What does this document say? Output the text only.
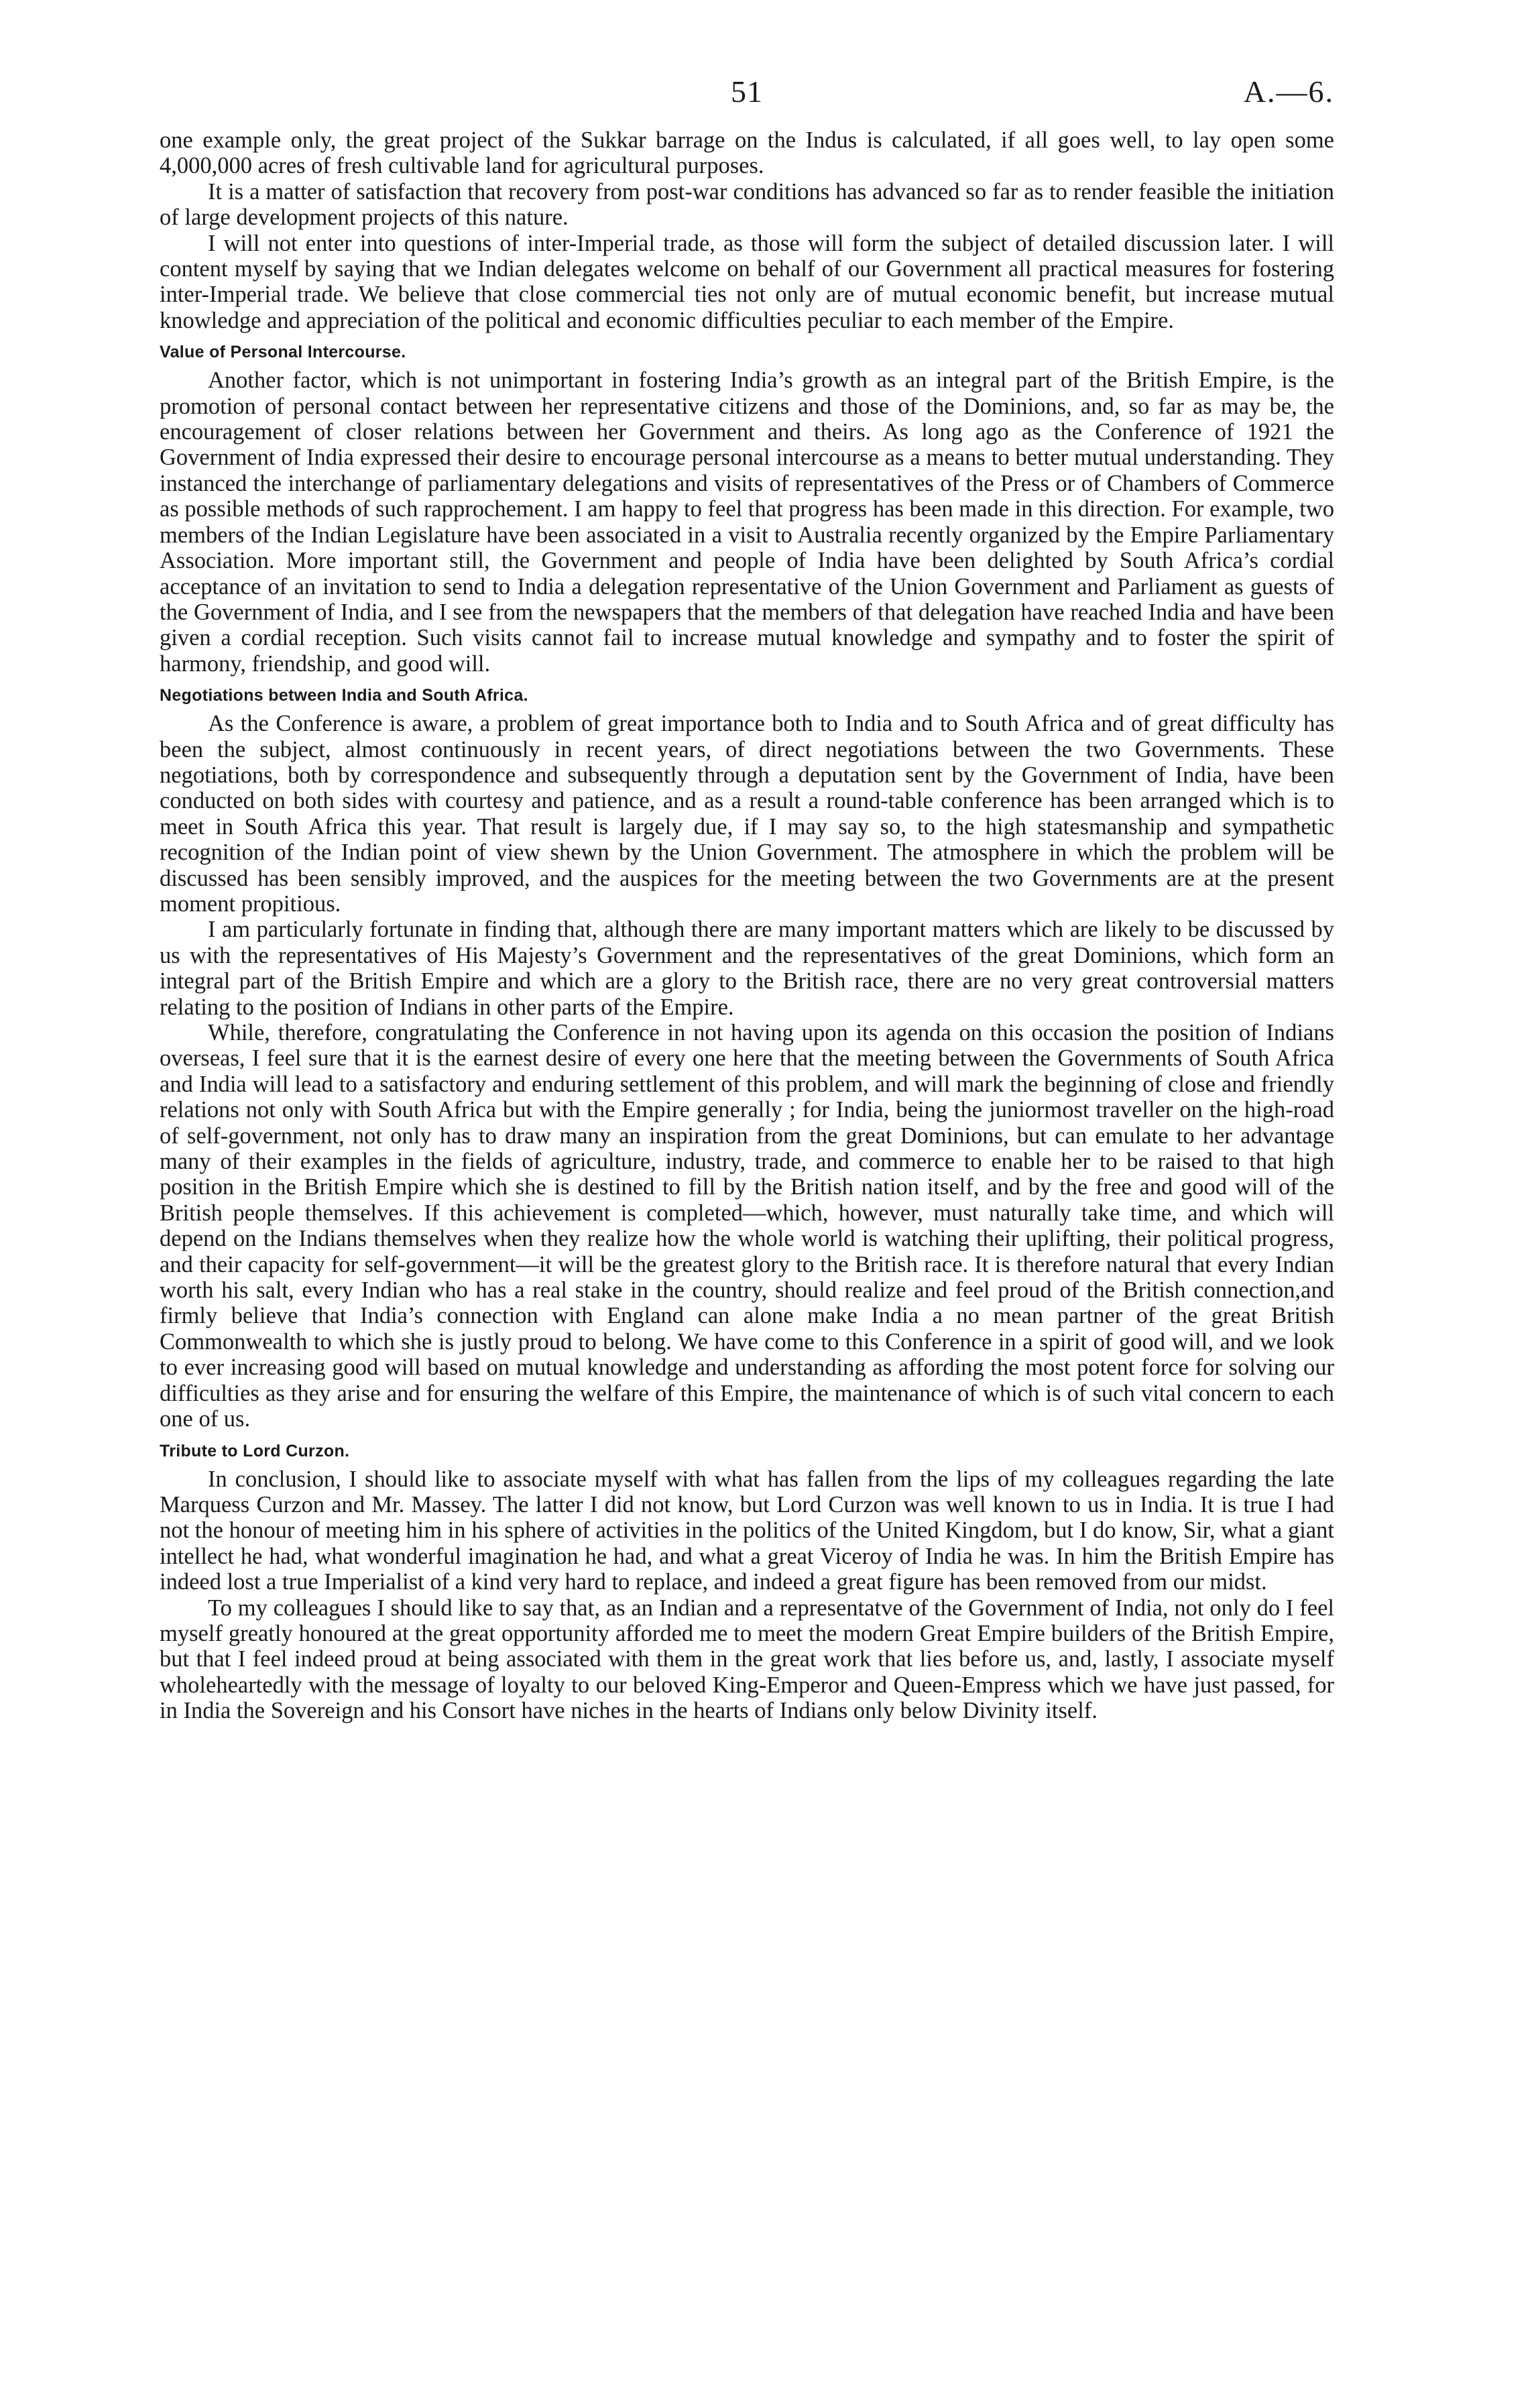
51	A.—6.

one example only, the great project of the Sukkar barrage on the Indus is calculated, if all goes well, to lay open some 4,000,000 acres of fresh cultivable land for agricultural purposes.

It is a matter of satisfaction that recovery from post-war conditions has advanced so far as to render feasible the initiation of large development projects of this nature.

I will not enter into questions of inter-Imperial trade, as those will form the subject of detailed discussion later. I will content myself by saying that we Indian delegates welcome on behalf of our Government all practical measures for fostering inter-Imperial trade. We believe that close commercial ties not only are of mutual economic benefit, but increase mutual knowledge and appreciation of the political and economic difficulties peculiar to each member of the Empire.

Value of Personal Intercourse.

Another factor, which is not unimportant in fostering India’s growth as an integral part of the British Empire, is the promotion of personal contact between her representative citizens and those of the Dominions, and, so far as may be, the encouragement of closer relations between her Government and theirs. As long ago as the Conference of 1921 the Government of India expressed their desire to encourage personal intercourse as a means to better mutual understanding. They instanced the interchange of parliamentary delegations and visits of representatives of the Press or of Chambers of Commerce as possible methods of such rapprochement. I am happy to feel that progress has been made in this direction. For example, two members of the Indian Legislature have been associated in a visit to Australia recently organized by the Empire Parliamentary Association. More important still, the Government and people of India have been delighted by South Africa’s cordial acceptance of an invitation to send to India a delegation representative of the Union Government and Parliament as guests of the Government of India, and I see from the newspapers that the members of that delegation have reached India and have been given a cordial reception. Such visits cannot fail to increase mutual knowledge and sympathy and to foster the spirit of harmony, friendship, and good will.

Negotiations between India and South Africa.

As the Conference is aware, a problem of great importance both to India and to South Africa and of great difficulty has been the subject, almost continuously in recent years, of direct negotiations between the two Governments. These negotiations, both by correspondence and subsequently through a deputation sent by the Government of India, have been conducted on both sides with courtesy and patience, and as a result a round-table conference has been arranged which is to meet in South Africa this year. That result is largely due, if I may say so, to the high statesmanship and sympathetic recognition of the Indian point of view shewn by the Union Government. The atmosphere in which the problem will be discussed has been sensibly improved, and the auspices for the meeting between the two Governments are at the present moment propitious.

I am particularly fortunate in finding that, although there are many important matters which are likely to be discussed by us with the representatives of His Majesty’s Government and the representatives of the great Dominions, which form an integral part of the British Empire and which are a glory to the British race, there are no very great controversial matters relating to the position of Indians in other parts of the Empire.

While, therefore, congratulating the Conference in not having upon its agenda on this occasion the position of Indians overseas, I feel sure that it is the earnest desire of every one here that the meeting between the Governments of South Africa and India will lead to a satisfactory and enduring settlement of this problem, and will mark the beginning of close and friendly relations not only with South Africa but with the Empire generally ; for India, being the juniormost traveller on the high-road of self-government, not only has to draw many an inspiration from the great Dominions, but can emulate to her advantage many of their examples in the fields of agriculture, industry, trade, and commerce to enable her to be raised to that high position in the British Empire which she is destined to fill by the British nation itself, and by the free and good will of the British people themselves. If this achievement is completed—which, however, must naturally take time, and which will depend on the Indians themselves when they realize how the whole world is watching their uplifting, their political progress, and their capacity for self-government—it will be the greatest glory to the British race. It is therefore natural that every Indian worth his salt, every Indian who has a real stake in the country, should realize and feel proud of the British connection,and firmly believe that India’s connection with England can alone make India a no mean partner of the great British Commonwealth to which she is justly proud to belong. We have come to this Conference in a spirit of good will, and we look to ever increasing good will based on mutual knowledge and understanding as affording the most potent force for solving our difficulties as they arise and for ensuring the welfare of this Empire, the maintenance of which is of such vital concern to each one of us.

Tribute to Lord Curzon.

In conclusion, I should like to associate myself with what has fallen from the lips of my colleagues regarding the late Marquess Curzon and Mr. Massey. The latter I did not know, but Lord Curzon was well known to us in India. It is true I had not the honour of meeting him in his sphere of activities in the politics of the United Kingdom, but I do know, Sir, what a giant intellect he had, what wonderful imagination he had, and what a great Viceroy of India he was. In him the British Empire has indeed lost a true Imperialist of a kind very hard to replace, and indeed a great figure has been removed from our midst.

To my colleagues I should like to say that, as an Indian and a representatve of the Government of India, not only do I feel myself greatly honoured at the great opportunity afforded me to meet the modern Great Empire builders of the British Empire, but that I feel indeed proud at being associated with them in the great work that lies before us, and, lastly, I associate myself wholeheartedly with the message of loyalty to our beloved King-Emperor and Queen-Empress which we have just passed, for in India the Sovereign and his Consort have niches in the hearts of Indians only below Divinity itself.
